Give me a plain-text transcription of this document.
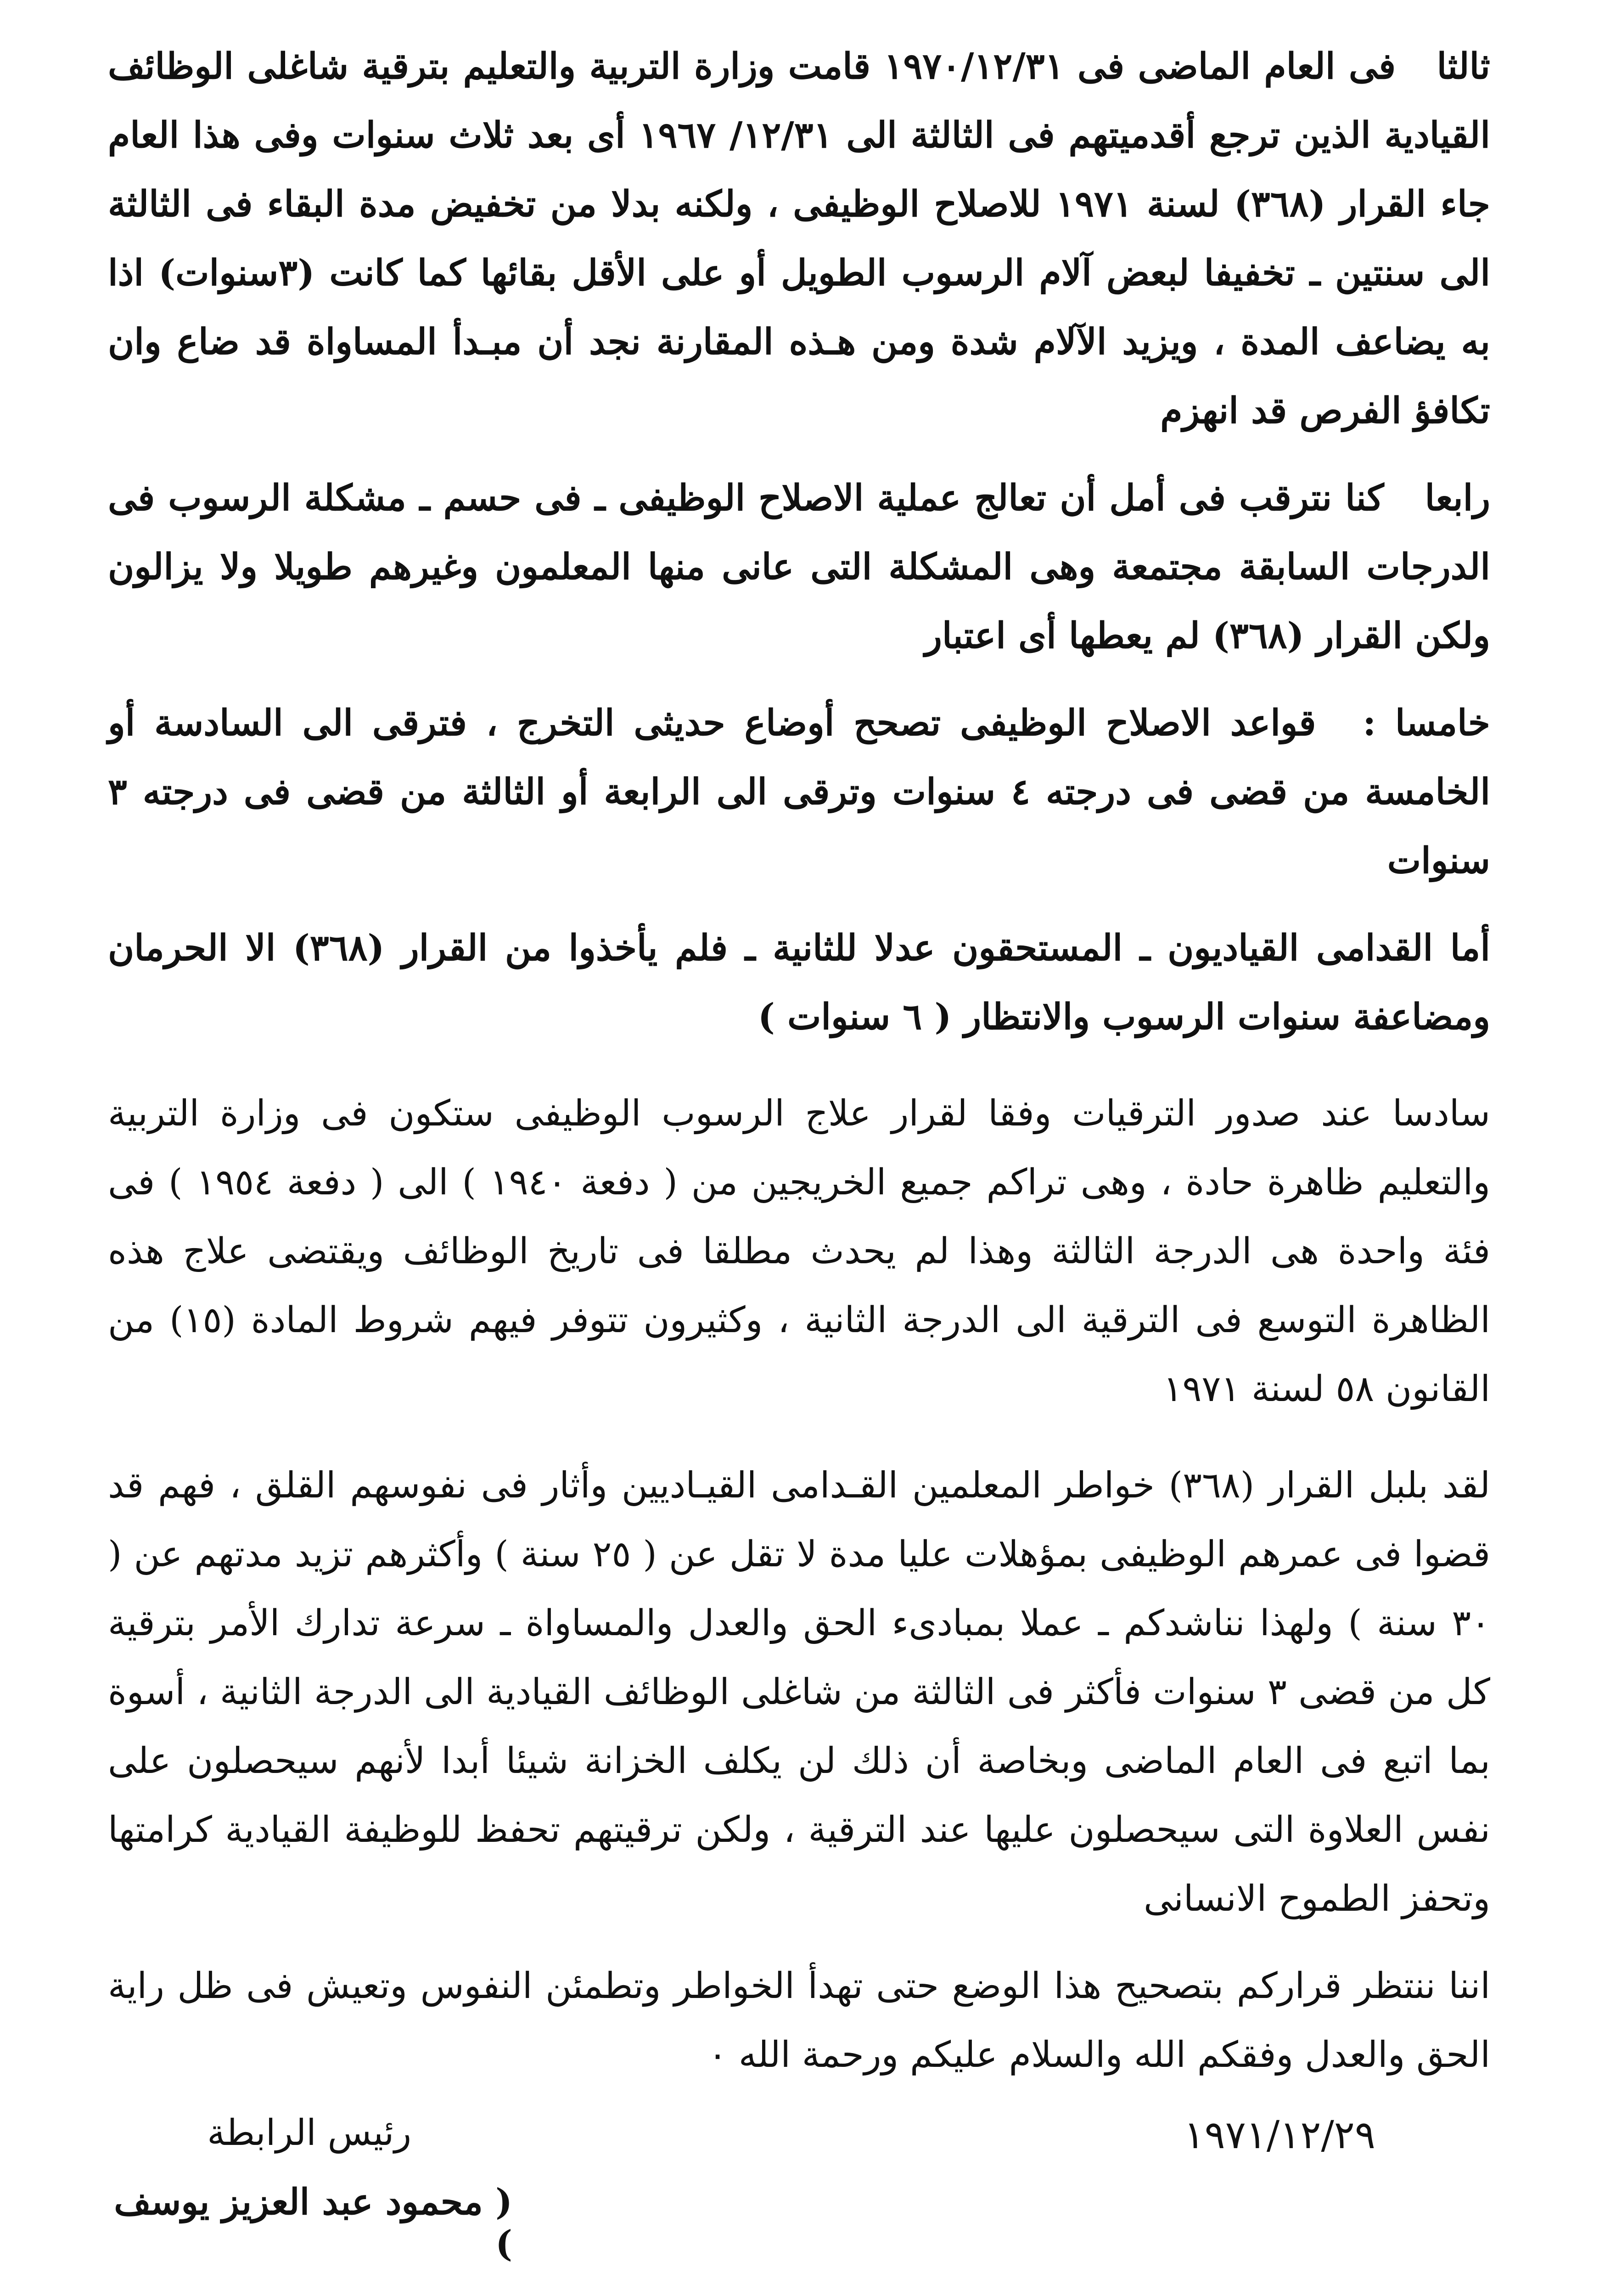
ثالثا فى العام الماضى فى ١٩٧٠/١٢/٣١ قامت وزارة التربية والتعليم بترقية شاغلى الوظائف القيادية الذين ترجع أقدميتهم فى الثالثة الى ١٢/٣١/ ١٩٦٧ أى بعد ثلاث سنوات وفى هذا العام جاء القرار (٣٦٨) لسنة ١٩٧١ للاصلاح الوظيفى ، ولكنه بدلا من تخفيض مدة البقاء فى الثالثة الى سنتين ـ تخفيفا لبعض آلام الرسوب الطويل أو على الأقل بقائها كما كانت (٣سنوات) اذا به يضاعف المدة ، ويزيد الآلام شدة ومن هـذه المقارنة نجد أن مبـدأ المساواة قد ضاع وان تكافؤ الفرص قد انهزم

رابعا كنا نترقب فى أمل أن تعالج عملية الاصلاح الوظيفى ـ فى حسم ـ مشكلة الرسوب فى الدرجات السابقة مجتمعة وهى المشكلة التى عانى منها المعلمون وغيرهم طويلا ولا يزالون ولكن القرار (٣٦٨) لم يعطها أى اعتبار

خامسا : قواعد الاصلاح الوظيفى تصحح أوضاع حديثى التخرج ، فترقى الى السادسة أو الخامسة من قضى فى درجته ٤ سنوات وترقى الى الرابعة أو الثالثة من قضى فى درجته ٣ سنوات

أما القدامى القياديون ـ المستحقون عدلا للثانية ـ فلم يأخذوا من القرار (٣٦٨) الا الحرمان ومضاعفة سنوات الرسوب والانتظار ( ٦ سنوات )

سادسا عند صدور الترقيات وفقا لقرار علاج الرسوب الوظيفى ستكون فى وزارة التربية والتعليم ظاهرة حادة ، وهى تراكم جميع الخريجين من ( دفعة ١٩٤٠ ) الى ( دفعة ١٩٥٤ ) فى فئة واحدة هى الدرجة الثالثة وهذا لم يحدث مطلقا فى تاريخ الوظائف ويقتضى علاج هذه الظاهرة التوسع فى الترقية الى الدرجة الثانية ، وكثيرون تتوفر فيهم شروط المادة (١٥) من القانون ٥٨ لسنة ١٩٧١

لقد بلبل القرار (٣٦٨) خواطر المعلمين القـدامى القيـاديين وأثار فى نفوسهم القلق ، فهم قد قضوا فى عمرهم الوظيفى بمؤهلات عليا مدة لا تقل عن ( ٢٥ سنة ) وأكثرهم تزيد مدتهم عن ( ٣٠ سنة ) ولهذا نناشدكم ـ عملا بمبادىء الحق والعدل والمساواة ـ سرعة تدارك الأمر بترقية كل من قضى ٣ سنوات فأكثر فى الثالثة من شاغلى الوظائف القيادية الى الدرجة الثانية ، أسوة بما اتبع فى العام الماضى وبخاصة أن ذلك لن يكلف الخزانة شيئا أبدا لأنهم سيحصلون على نفس العلاوة التى سيحصلون عليها عند الترقية ، ولكن ترقيتهم تحفظ للوظيفة القيادية كرامتها وتحفز الطموح الانسانى

اننا ننتظر قراركم بتصحيح هذا الوضع حتى تهدأ الخواطر وتطمئن النفوس وتعيش فى ظل راية الحق والعدل وفقكم الله والسلام عليكم ورحمة الله ٠

رئيس الرابطة	١٩٧١/١٢/٢٩
( محمود عبد العزيز يوسف )
